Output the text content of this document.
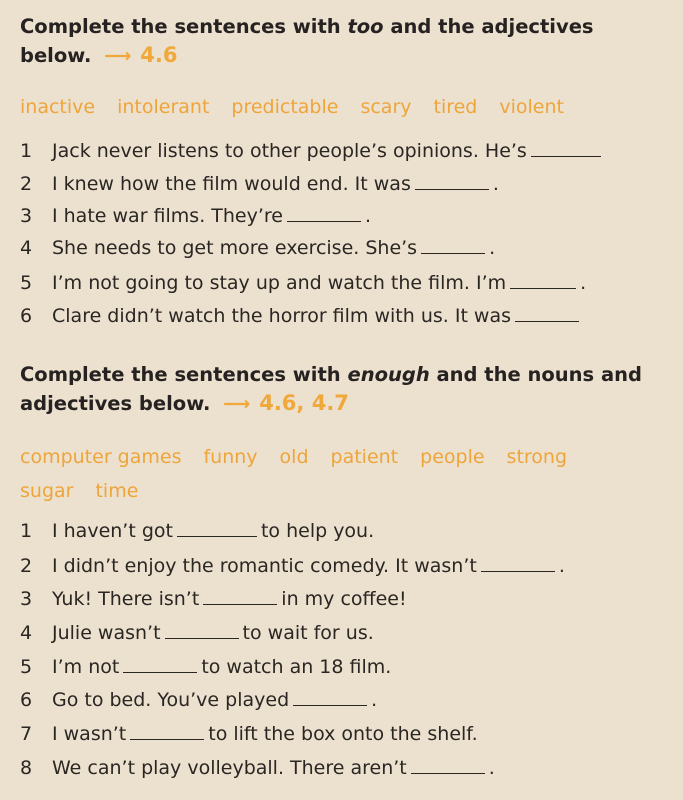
Complete the sentences with too and the adjectives
below. ⟶ 4.6
inactive intolerant predictable scary tired violent
1 Jack never listens to other people’s opinions. He’s
2 I knew how the film would end. It was	.
3 I hate war films. They’re	.
4 She needs to get more exercise. She’s	.
5 I’m not going to stay up and watch the film. I’m	.
6 Clare didn’t watch the horror film with us. It was
Complete the sentences with enough and the nouns and
adjectives below. ⟶ 4.6, 4.7
computer games funny old patient people strong
sugar time
1 I haven’t got	to help you.
2 I didn’t enjoy the romantic comedy. It wasn’t	.
3 Yuk! There isn’t	in my coffee!
4 Julie wasn’t	to wait for us.
5 I’m not	to watch an 18 film.
6 Go to bed. You’ve played	.
7 I wasn’t	to lift the box onto the shelf.
8 We can’t play volleyball. There aren’t	.
